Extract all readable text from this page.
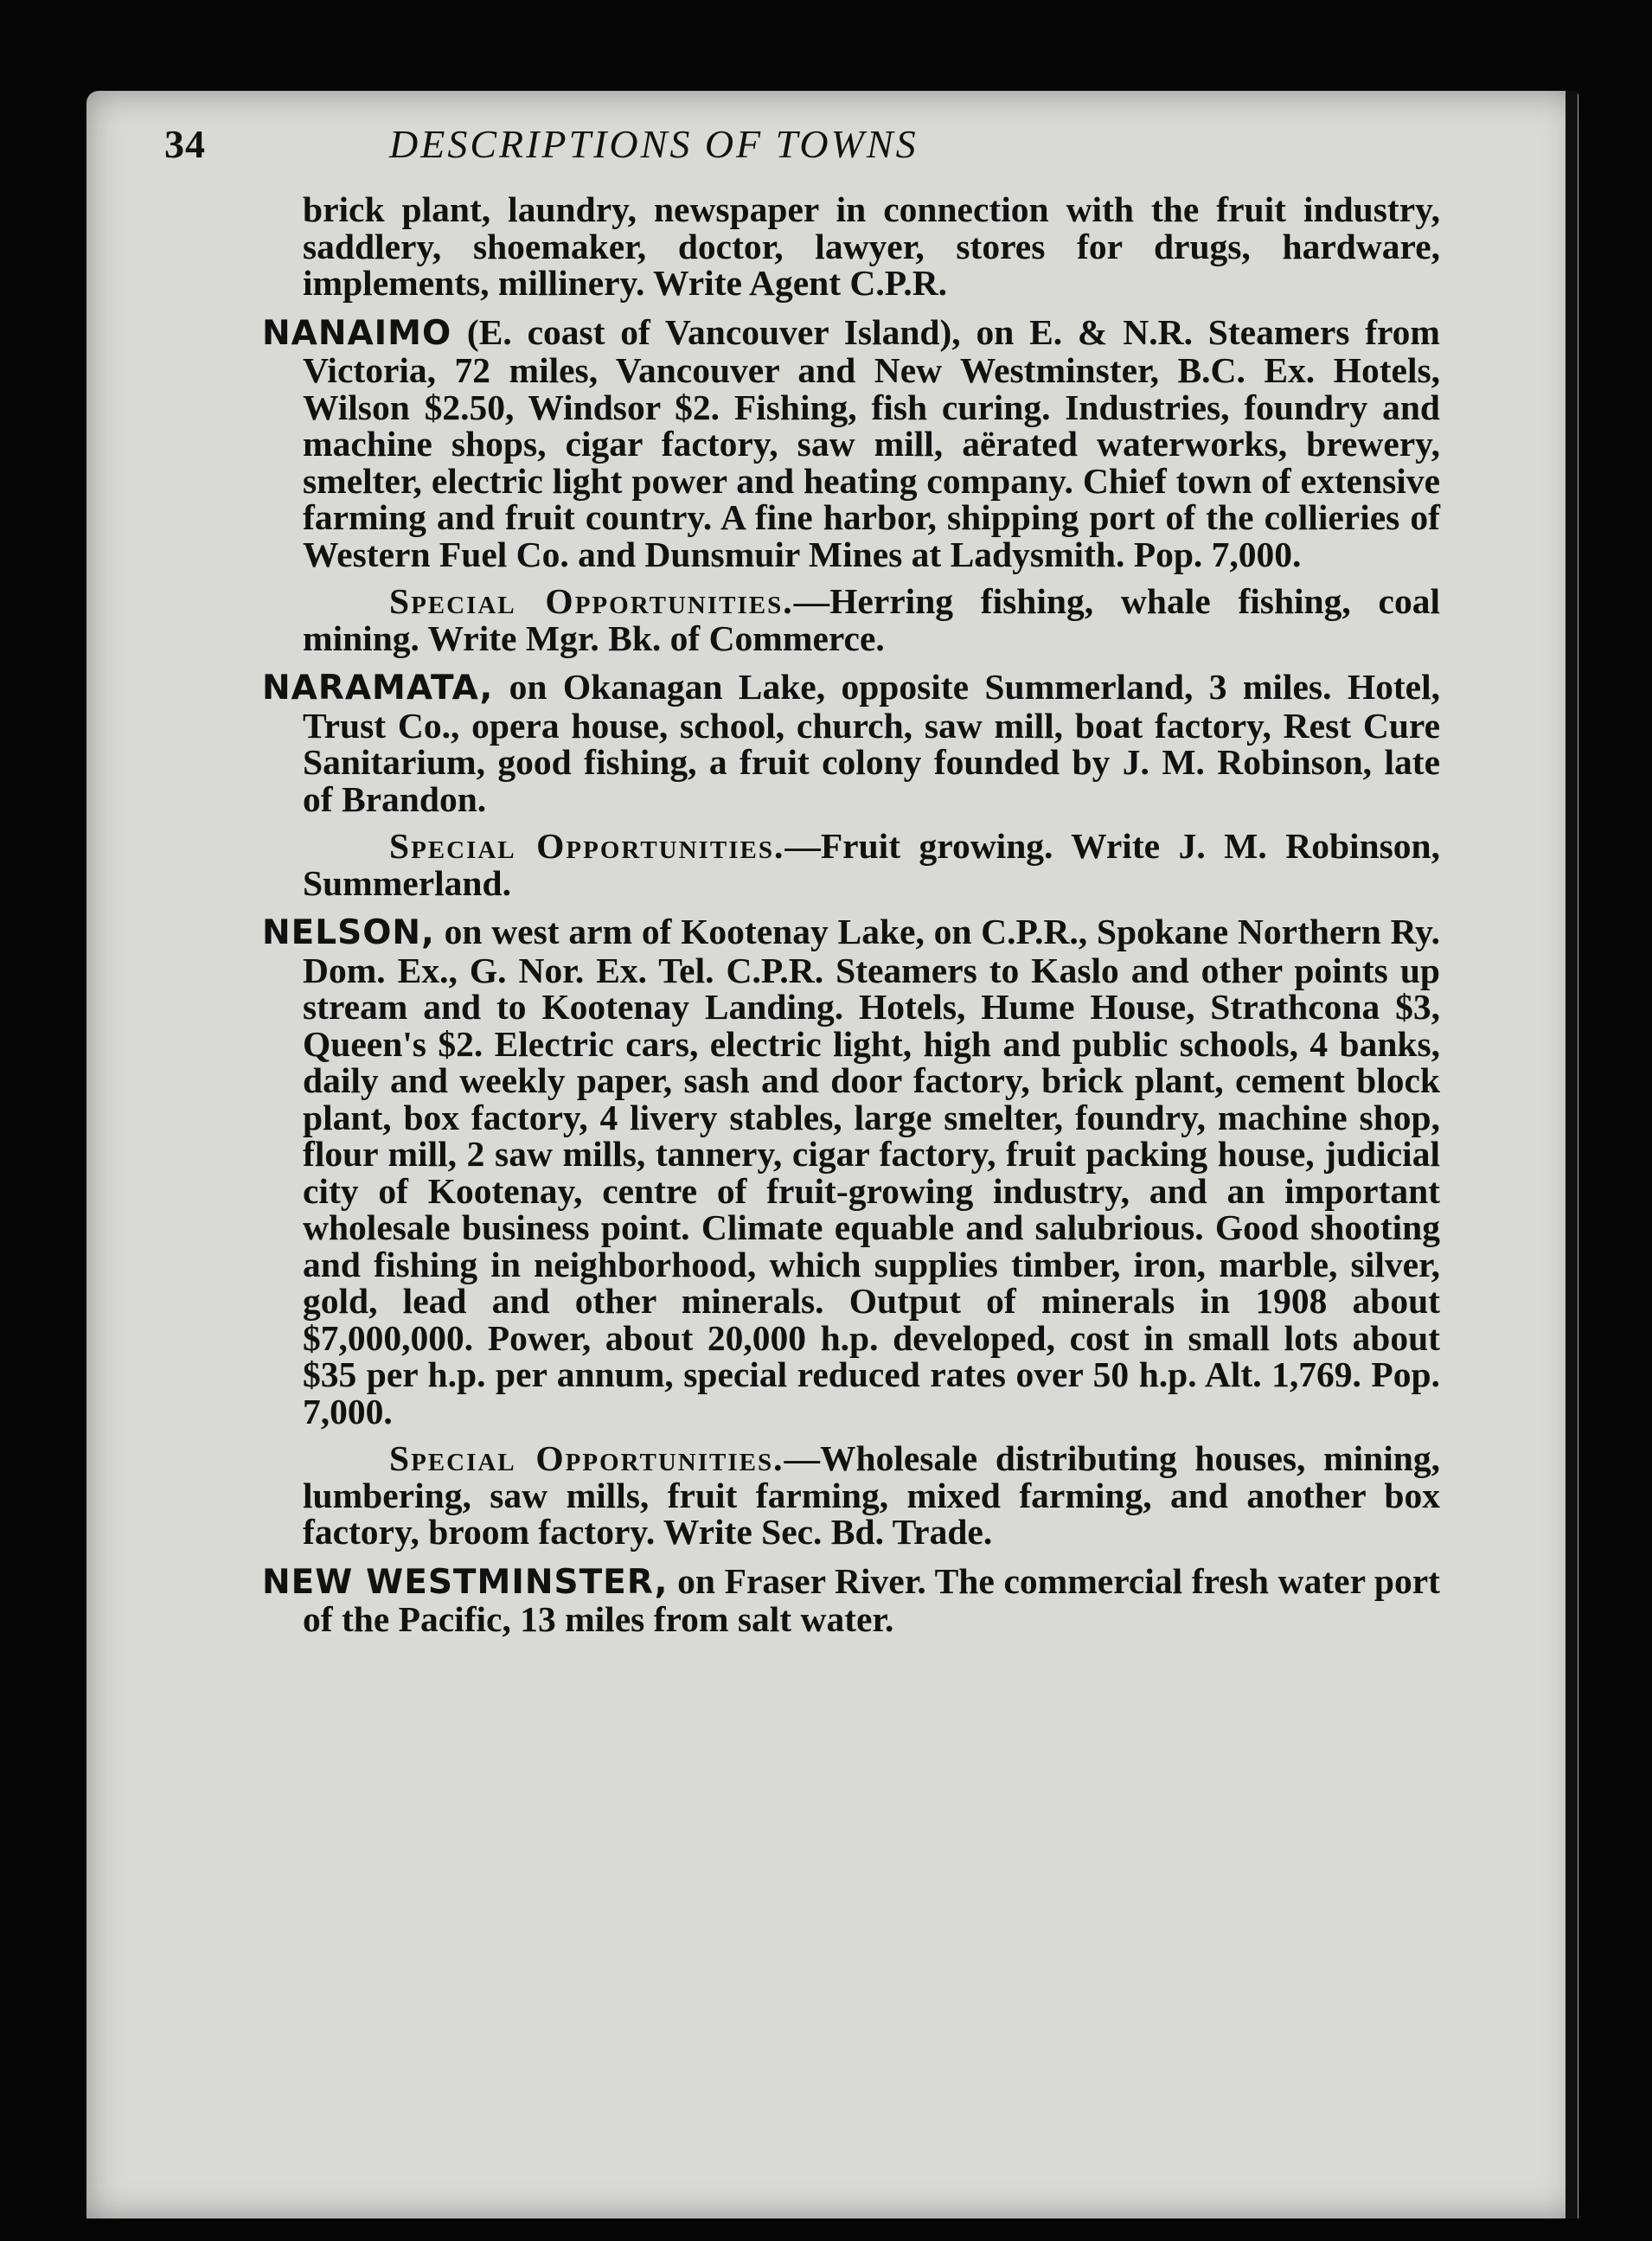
34	DESCRIPTIONS OF TOWNS

brick plant, laundry, newspaper in connection with the fruit industry, saddlery, shoemaker, doctor, lawyer, stores for drugs, hardware, implements, millinery. Write Agent C.P.R.

NANAIMO (E. coast of Vancouver Island), on E. & N.R. Steamers from Victoria, 72 miles, Vancouver and New Westminster, B.C. Ex. Hotels, Wilson $2.50, Windsor $2. Fishing, fish curing. Industries, foundry and machine shops, cigar factory, saw mill, aërated waterworks, brewery, smelter, electric light power and heating company. Chief town of extensive farming and fruit country. A fine harbor, shipping port of the collieries of Western Fuel Co. and Dunsmuir Mines at Ladysmith. Pop. 7,000.

Special Opportunities.—Herring fishing, whale fishing, coal mining. Write Mgr. Bk. of Commerce.

NARAMATA, on Okanagan Lake, opposite Summerland, 3 miles. Hotel, Trust Co., opera house, school, church, saw mill, boat factory, Rest Cure Sanitarium, good fishing, a fruit colony founded by J. M. Robinson, late of Brandon.

Special Opportunities.—Fruit growing. Write J. M. Robinson, Summerland.

NELSON, on west arm of Kootenay Lake, on C.P.R., Spokane Northern Ry. Dom. Ex., G. Nor. Ex. Tel. C.P.R. Steamers to Kaslo and other points up stream and to Kootenay Landing. Hotels, Hume House, Strathcona $3, Queen's $2. Electric cars, electric light, high and public schools, 4 banks, daily and weekly paper, sash and door factory, brick plant, cement block plant, box factory, 4 livery stables, large smelter, foundry, machine shop, flour mill, 2 saw mills, tannery, cigar factory, fruit packing house, judicial city of Kootenay, centre of fruit-growing industry, and an important wholesale business point. Climate equable and salubrious. Good shooting and fishing in neighborhood, which supplies timber, iron, marble, silver, gold, lead and other minerals. Output of minerals in 1908 about $7,000,000. Power, about 20,000 h.p. developed, cost in small lots about $35 per h.p. per annum, special reduced rates over 50 h.p. Alt. 1,769. Pop. 7,000.

Special Opportunities.—Wholesale distributing houses, mining, lumbering, saw mills, fruit farming, mixed farming, and another box factory, broom factory. Write Sec. Bd. Trade.

NEW WESTMINSTER, on Fraser River. The commercial fresh water port of the Pacific, 13 miles from salt water.
